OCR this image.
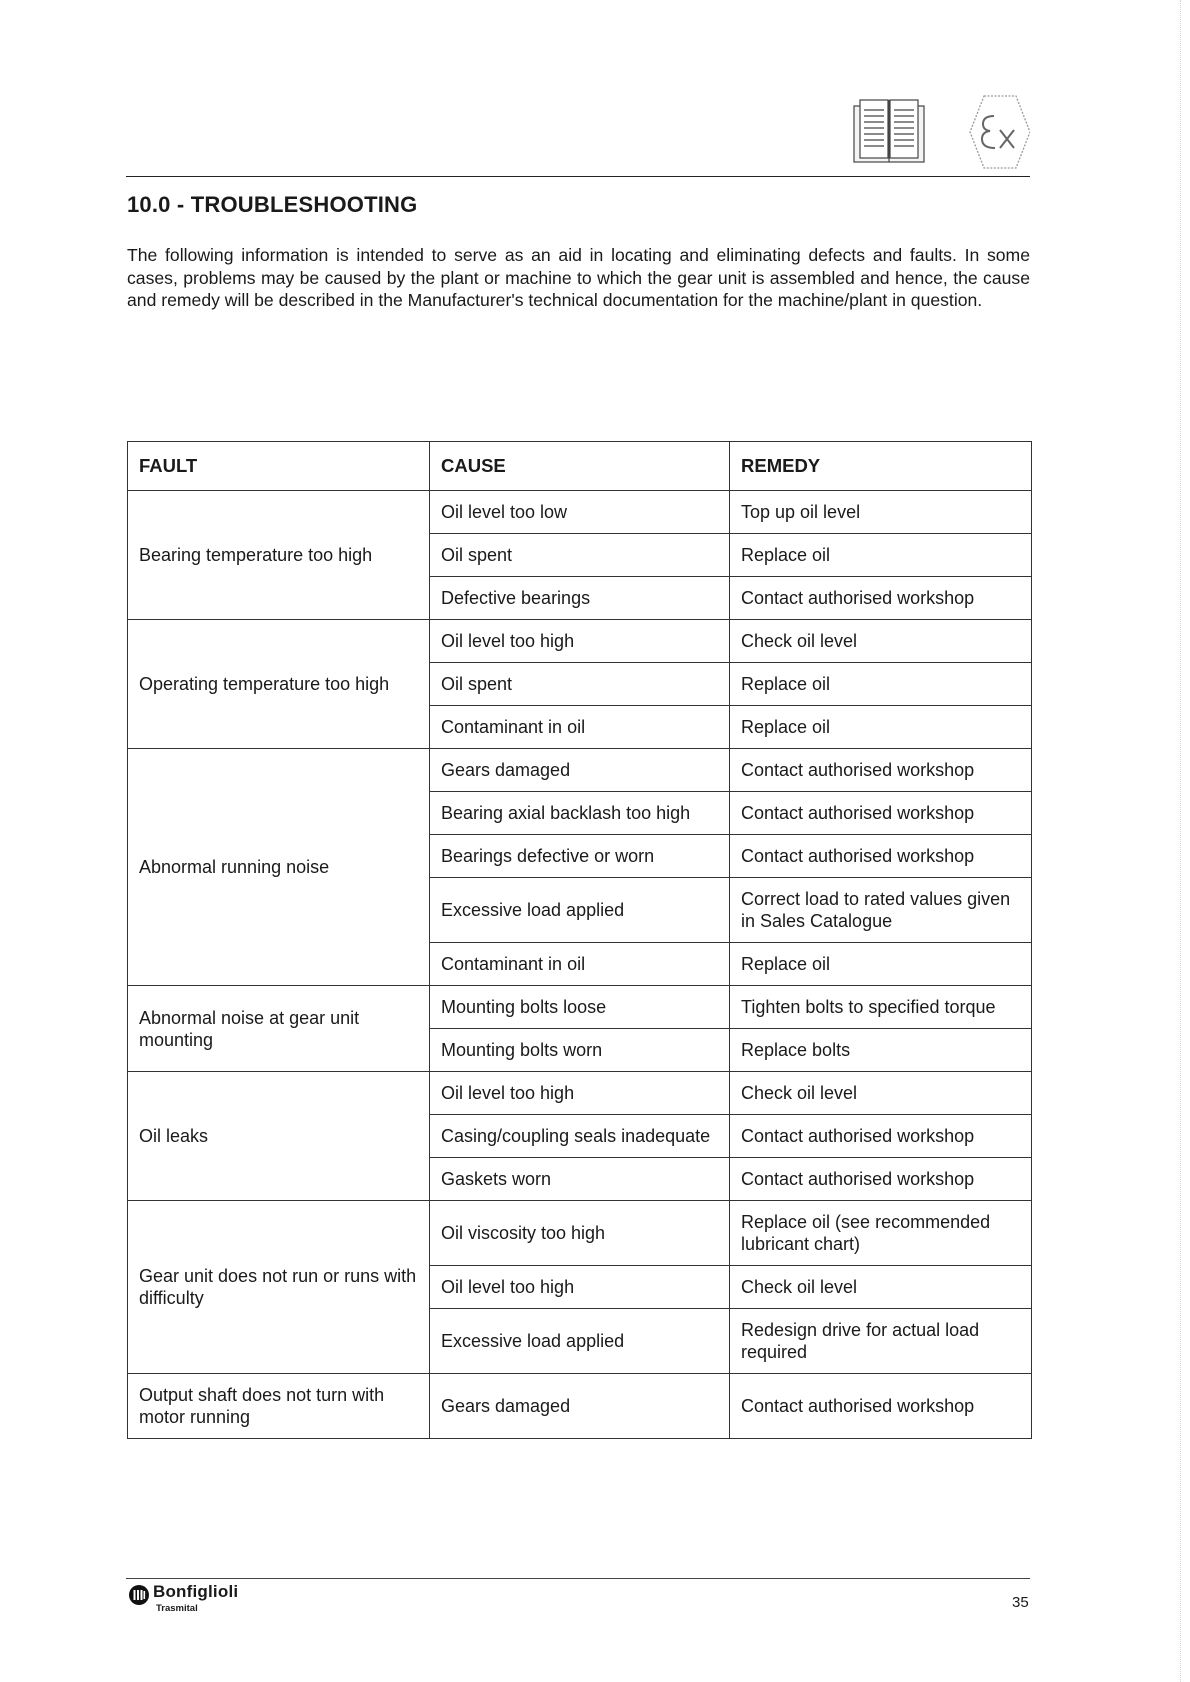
10.0 - TROUBLESHOOTING
The following information is intended to serve as an aid in locating and eliminating defects and faults. In some cases, problems may be caused by the plant or machine to which the gear unit is assembled and hence, the cause and remedy will be described in the Manufacturer's technical documentation for the machine/plant in question.
FAULT	CAUSE	REMEDY
Bearing temperature too high	Oil level too low	Top up oil level
	Oil spent	Replace oil
	Defective bearings	Contact authorised workshop
Operating temperature too high	Oil level too high	Check oil level
	Oil spent	Replace oil
	Contaminant in oil	Replace oil
Abnormal running noise	Gears damaged	Contact authorised workshop
	Bearing axial backlash too high	Contact authorised workshop
	Bearings defective or worn	Contact authorised workshop
	Excessive load applied	Correct load to rated values given in Sales Catalogue
	Contaminant in oil	Replace oil
Abnormal noise at gear unit mounting	Mounting bolts loose	Tighten bolts to specified torque
	Mounting bolts worn	Replace bolts
Oil leaks	Oil level too high	Check oil level
	Casing/coupling seals inadequate	Contact authorised workshop
	Gaskets worn	Contact authorised workshop
Gear unit does not run or runs with difficulty	Oil viscosity too high	Replace oil (see recommended lubricant chart)
	Oil level too high	Check oil level
	Excessive load applied	Redesign drive for actual load required
Output shaft does not turn with motor running	Gears damaged	Contact authorised workshop
Bonfiglioli
Trasmital	35
